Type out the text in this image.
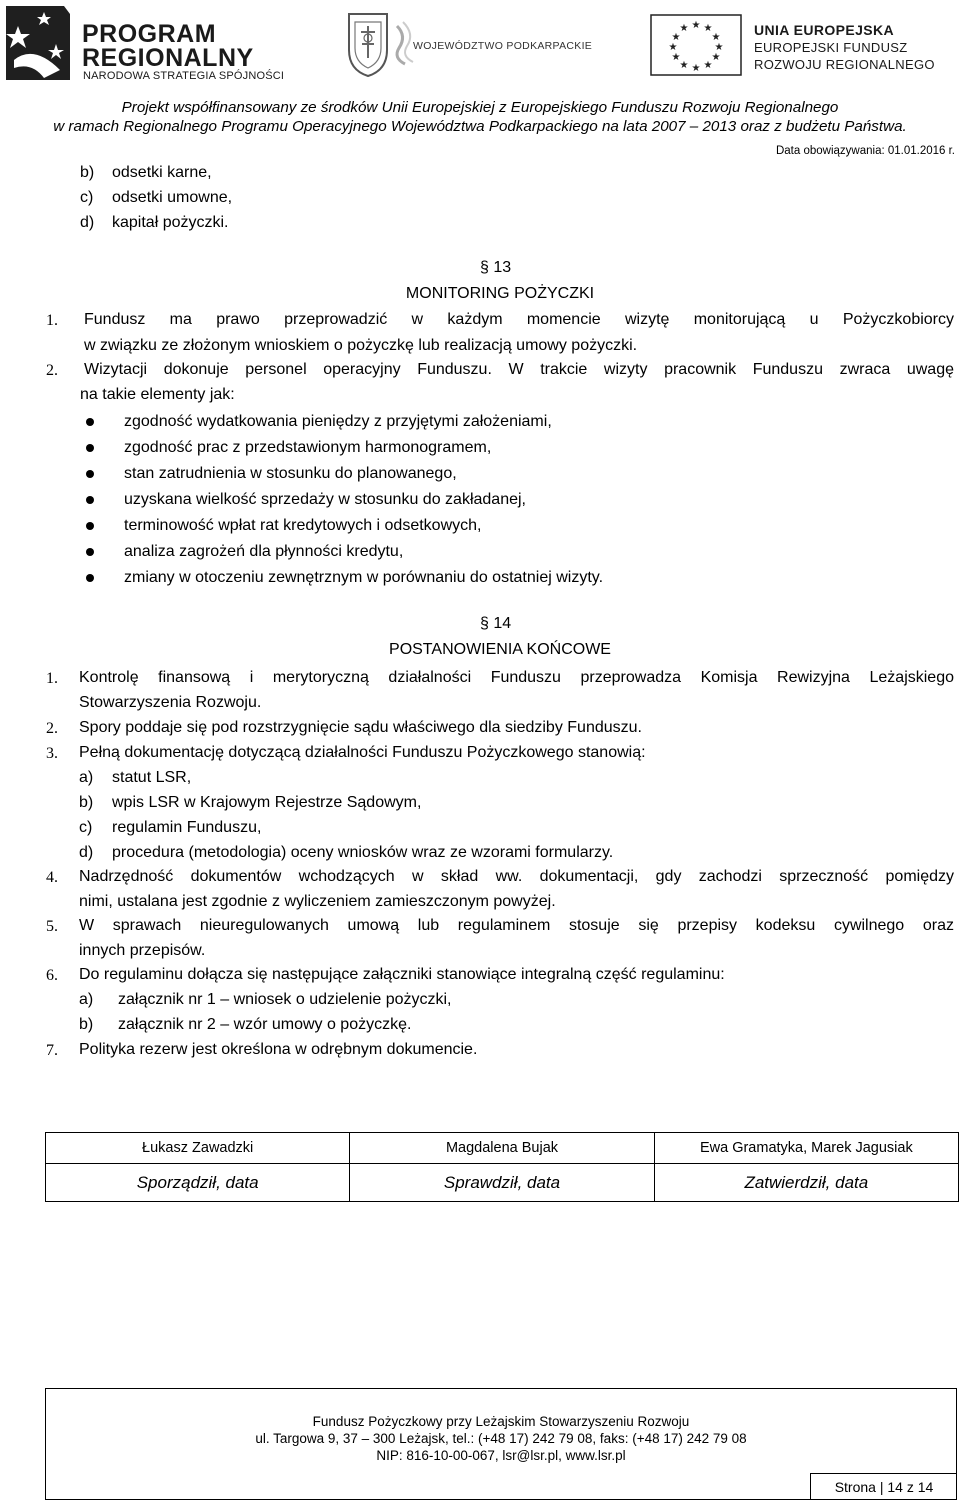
PROGRAM
REGIONALNY
NARODOWA STRATEGIA SPÓJNOŚCI
WOJEWÓDZTWO PODKARPACKIE
★ ★
★
★
★
★
★
★
★
★
★
★	UNIA EUROPEJSKA
EUROPEJSKI FUNDUSZ
ROZWOJU REGIONALNEGO
Projekt współfinansowany ze środków Unii Europejskiej z Europejskiego Funduszu Rozwoju Regionalnego
w ramach Regionalnego Programu Operacyjnego Województwa Podkarpackiego na lata 2007 – 2013 oraz z budżetu Państwa.
Data obowiązywania: 01.01.2016 r.
b) odsetki karne,
c) odsetki umowne,
d) kapitał pożyczki.
§ 13
MONITORING POŻYCZKI
1. Fundusz ma prawo przeprowadzić w każdym momencie wizytę monitorującą u Pożyczkobiorcy
w związku ze złożonym wnioskiem o pożyczkę lub realizacją umowy pożyczki.
2. Wizytacji dokonuje personel operacyjny Funduszu. W trakcie wizyty pracownik Funduszu zwraca uwagę
na takie elementy jak:
zgodność wydatkowania pieniędzy z przyjętymi założeniami,
zgodność prac z przedstawionym harmonogramem,
stan zatrudnienia w stosunku do planowanego,
uzyskana wielkość sprzedaży w stosunku do zakładanej,
terminowość wpłat rat kredytowych i odsetkowych,
analiza zagrożeń dla płynności kredytu,
zmiany w otoczeniu zewnętrznym w porównaniu do ostatniej wizyty.
§ 14
POSTANOWIENIA KOŃCOWE
1. Kontrolę finansową i merytoryczną działalności Funduszu przeprowadza Komisja Rewizyjna Leżajskiego
Stowarzyszenia Rozwoju.
2. Spory poddaje się pod rozstrzygnięcie sądu właściwego dla siedziby Funduszu.
3. Pełną dokumentację dotyczącą działalności Funduszu Pożyczkowego stanowią:
a) statut LSR,
b) wpis LSR w Krajowym Rejestrze Sądowym,
c) regulamin Funduszu,
d) procedura (metodologia) oceny wniosków wraz ze wzorami formularzy.
4. Nadrzędność dokumentów wchodzących w skład ww. dokumentacji, gdy zachodzi sprzeczność pomiędzy
nimi, ustalana jest zgodnie z wyliczeniem zamieszczonym powyżej.
5. W sprawach nieuregulowanych umową lub regulaminem stosuje się przepisy kodeksu cywilnego oraz
innych przepisów.
6. Do regulaminu dołącza się następujące załączniki stanowiące integralną część regulaminu:
a) załącznik nr 1 – wniosek o udzielenie pożyczki,
b) załącznik nr 2 – wzór umowy o pożyczkę.
7. Polityka rezerw jest określona w odrębnym dokumencie.
Łukasz Zawadzki	Magdalena Bujak	Ewa Gramatyka, Marek Jagusiak
Sporządził, data	Sprawdził, data	Zatwierdził, data
Fundusz Pożyczkowy przy Leżajskim Stowarzyszeniu Rozwoju
ul. Targowa 9, 37 – 300 Leżajsk, tel.: (+48 17) 242 79 08, faks: (+48 17) 242 79 08
NIP: 816-10-00-067, lsr@lsr.pl, www.lsr.pl
Strona | 14 z 14
